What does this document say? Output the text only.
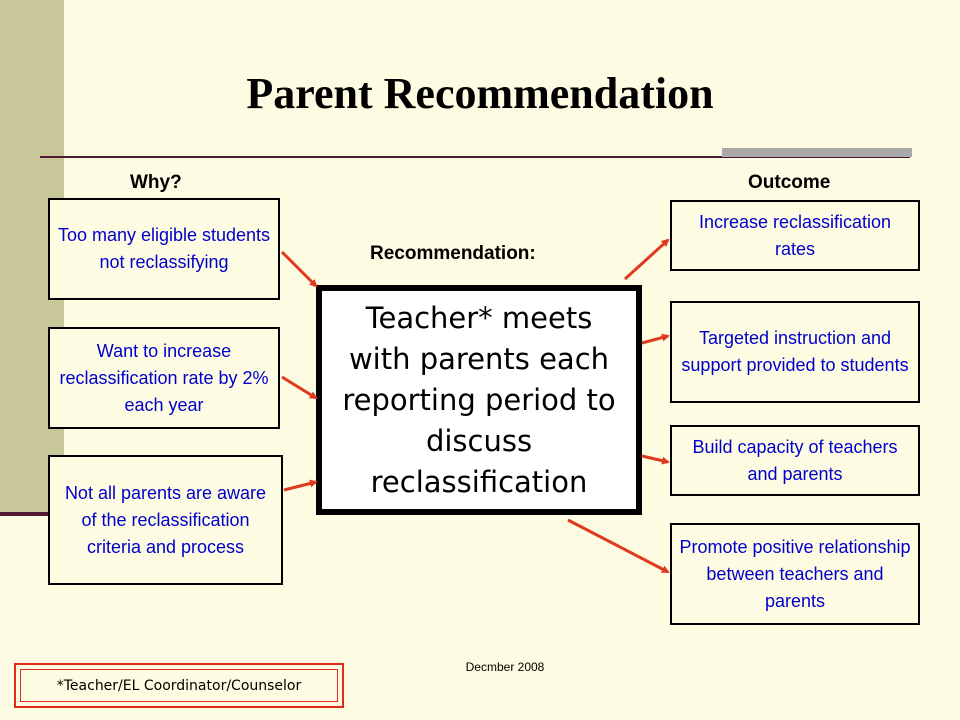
Parent Recommendation
Why?	Outcome
Recommendation:
Too many eligible students not reclassifying
Want to increase reclassification rate by 2% each year
Not all parents are aware of the reclassification criteria and process
Teacher* meets with parents each reporting period to discuss reclassification
Increase reclassification rates
Targeted instruction and support provided to students
Build capacity of teachers and parents
Promote positive relationship between teachers and parents
Decmber 2008
*Teacher/EL Coordinator/Counselor
